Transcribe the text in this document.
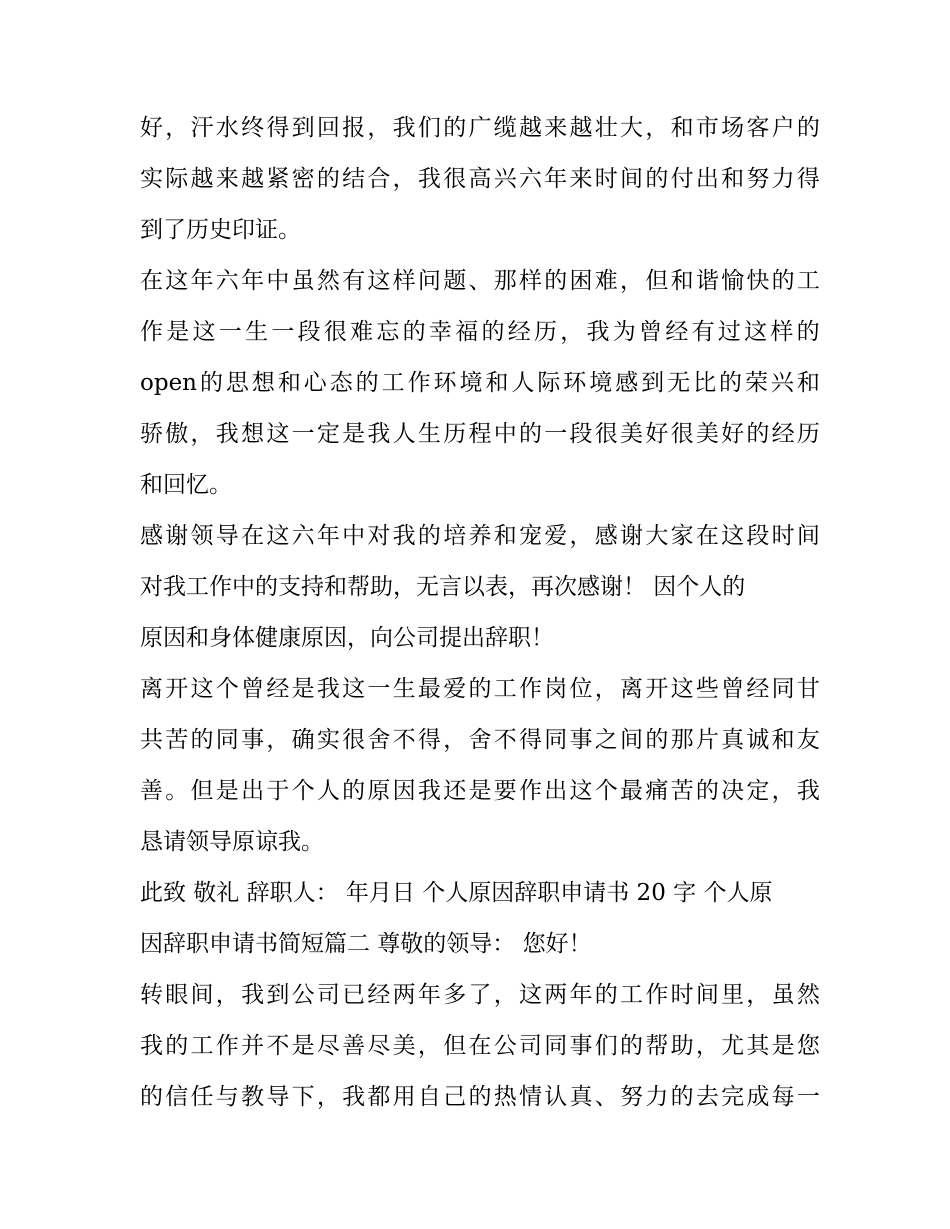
好 ， 汗 水 终 得 到 回 报 ， 我 们 的 广 缆 越 来 越 壮 大 ， 和 市 场 客 户 的
实 际 越 来 越 紧 密 的 结 合 ， 我 很 高 兴 六 年 来 时 间 的 付 出 和 努 力 得
到了历史印证。
在 这 年 六 年 中 虽 然 有 这 样 问 题 、 那 样 的 困 难 ， 但 和 谐 愉 快 的 工
作 是 这 一 生 一 段 很 难 忘 的 幸 福 的 经 历 ， 我 为 曾 经 有 过 这 样 的
open 的 思 想 和 心 态 的 工 作 环 境 和 人 际 环 境 感 到 无 比 的 荣 兴 和
骄 傲 ， 我 想 这 一 定 是 我 人 生 历 程 中 的 一 段 很 美 好 很 美 好 的 经 历
和回忆。
感 谢 领 导 在 这 六 年 中 对 我 的 培 养 和 宠 爱 ， 感 谢 大 家 在 这 段 时 间
对我工作中的支持和帮助，无言以表，再次感谢！ 因个人的
原因和身体健康原因，向公司提出辞职！
离 开 这 个 曾 经 是 我 这 一 生 最 爱 的 工 作 岗 位 ， 离 开 这 些 曾 经 同 甘
共 苦 的 同 事 ， 确 实 很 舍 不 得 ， 舍 不 得 同 事 之 间 的 那 片 真 诚 和 友
善 。 但 是 出 于 个 人 的 原 因 我 还 是 要 作 出 这 个 最 痛 苦 的 决 定 ， 我
恳请领导原谅我。
此致 敬礼 辞职人： 年月日 个人原因辞职申请书 20 字 个人原
因辞职申请书简短篇二 尊敬的领导： 您好！
转 眼 间 ， 我 到 公 司 已 经 两 年 多 了 ， 这 两 年 的 工 作 时 间 里 ， 虽 然
我 的 工 作 并 不 是 尽 善 尽 美 ， 但 在 公 司 同 事 们 的 帮 助 ， 尤 其 是 您
的 信 任 与 教 导 下 ， 我 都 用 自 己 的 热 情 认 真 、 努 力 的 去 完 成 每 一
